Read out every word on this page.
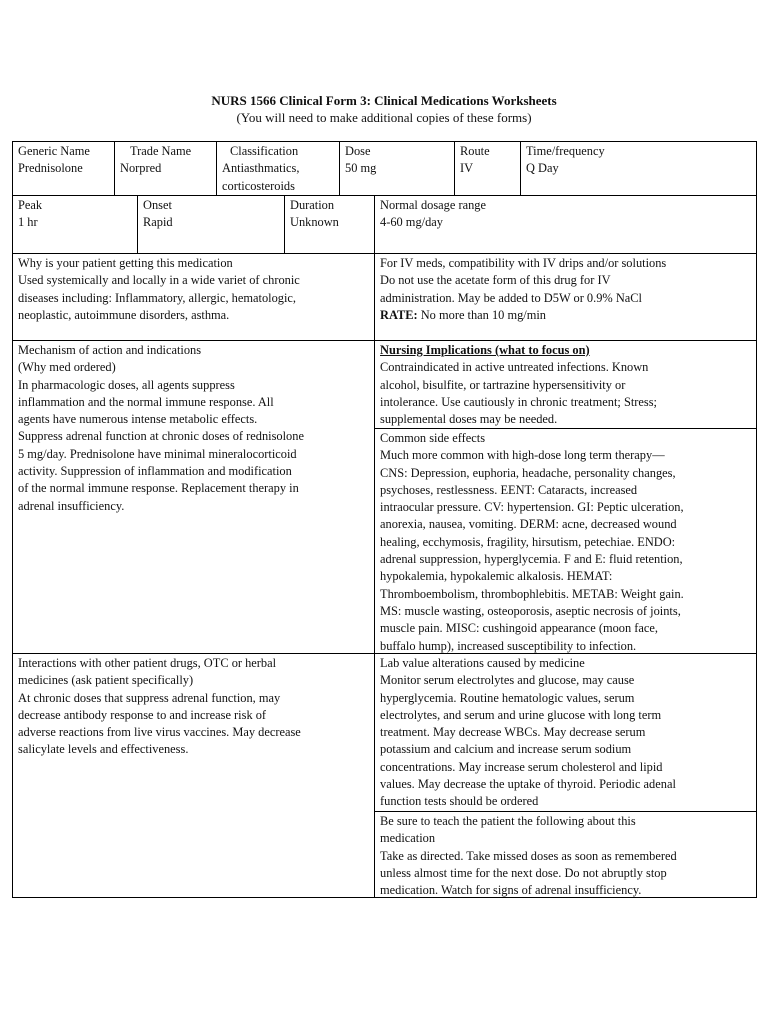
NURS 1566 Clinical Form 3: Clinical Medications Worksheets
(You will need to make additional copies of these forms)
Generic Name
Prednisolone
Trade Name
Norpred
Classification
Antiasthmatics,
corticosteroids
Dose
50 mg
Route
IV
Time/frequency
Q Day
Peak
1 hr
Onset
Rapid
Duration
Unknown
Normal dosage range
4-60 mg/day
Why is your patient getting this medication
Used systemically and locally in a wide variet of chronic
diseases including: Inflammatory, allergic, hematologic,
neoplastic, autoimmune disorders, asthma.
For IV meds, compatibility with IV drips and/or solutions
Do not use the acetate form of this drug for IV
administration. May be added to D5W or 0.9% NaCl
RATE: No more than 10 mg/min
Mechanism of action and indications
(Why med ordered)
In pharmacologic doses, all agents suppress
inflammation and the normal immune response. All
agents have numerous intense metabolic effects.
Suppress adrenal function at chronic doses of rednisolone
5 mg/day. Prednisolone have minimal mineralocorticoid
activity. Suppression of inflammation and modification
of the normal immune response. Replacement therapy in
adrenal insufficiency.
Nursing Implications (what to focus on)
Contraindicated in active untreated infections. Known
alcohol, bisulfite, or tartrazine hypersensitivity or
intolerance. Use cautiously in chronic treatment; Stress;
supplemental doses may be needed.
Common side effects
Much more common with high-dose long term therapy—
CNS: Depression, euphoria, headache, personality changes,
psychoses, restlessness. EENT: Cataracts, increased
intraocular pressure. CV: hypertension. GI: Peptic ulceration,
anorexia, nausea, vomiting. DERM: acne, decreased wound
healing, ecchymosis, fragility, hirsutism, petechiae. ENDO:
adrenal suppression, hyperglycemia. F and E: fluid retention,
hypokalemia, hypokalemic alkalosis. HEMAT:
Thromboembolism, thrombophlebitis. METAB: Weight gain.
MS: muscle wasting, osteoporosis, aseptic necrosis of joints,
muscle pain. MISC: cushingoid appearance (moon face,
buffalo hump), increased susceptibility to infection.
Interactions with other patient drugs, OTC or herbal
medicines (ask patient specifically)
At chronic doses that suppress adrenal function, may
decrease antibody response to and increase risk of
adverse reactions from live virus vaccines. May decrease
salicylate levels and effectiveness.
Lab value alterations caused by medicine
Monitor serum electrolytes and glucose, may cause
hyperglycemia. Routine hematologic values, serum
electrolytes, and serum and urine glucose with long term
treatment. May decrease WBCs. May decrease serum
potassium and calcium and increase serum sodium
concentrations. May increase serum cholesterol and lipid
values. May decrease the uptake of thyroid. Periodic adenal
function tests should be ordered
Be sure to teach the patient the following about this
medication
Take as directed. Take missed doses as soon as remembered
unless almost time for the next dose. Do not abruptly stop
medication. Watch for signs of adrenal insufficiency.
